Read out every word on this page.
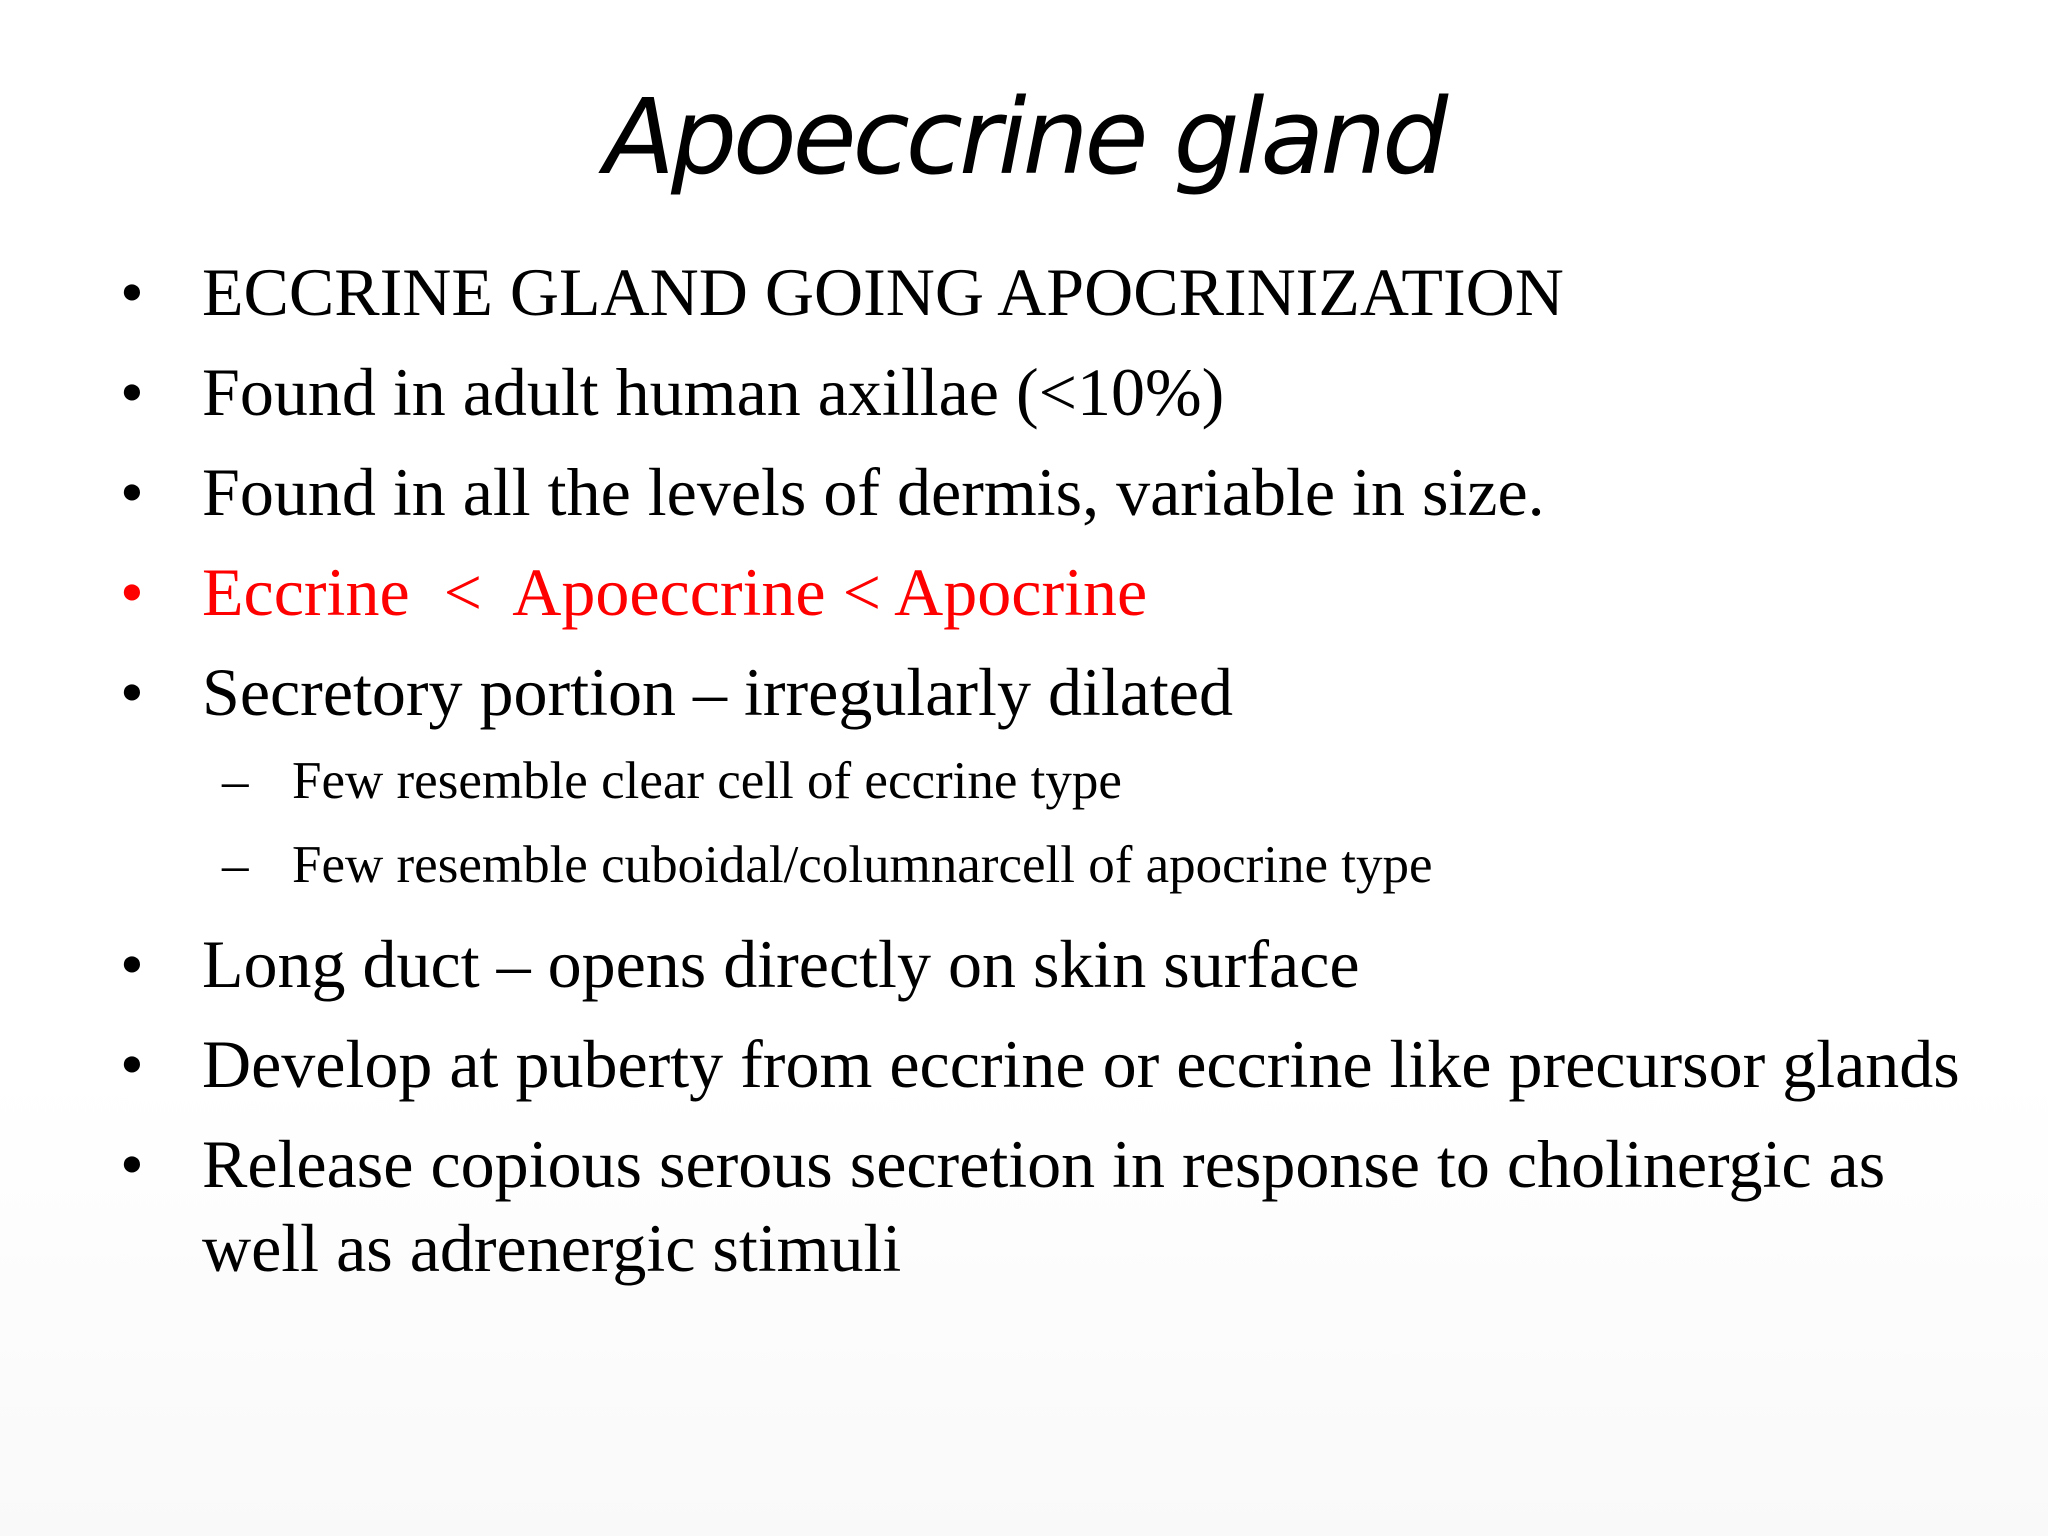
Apoeccrine gland
• ECCRINE GLAND GOING APOCRINIZATION
• Found in adult human axillae (<10%)
• Found in all the levels of dermis, variable in size.
• Eccrine  <  Apoeccrine < Apocrine
• Secretory portion – irregularly dilated
– Few resemble clear cell of eccrine type
– Few resemble cuboidal/columnarcell of apocrine type
• Long duct – opens directly on skin surface
• Develop at puberty from eccrine or eccrine like precursor glands
• Release copious serous secretion in response to cholinergic as well as adrenergic stimuli
